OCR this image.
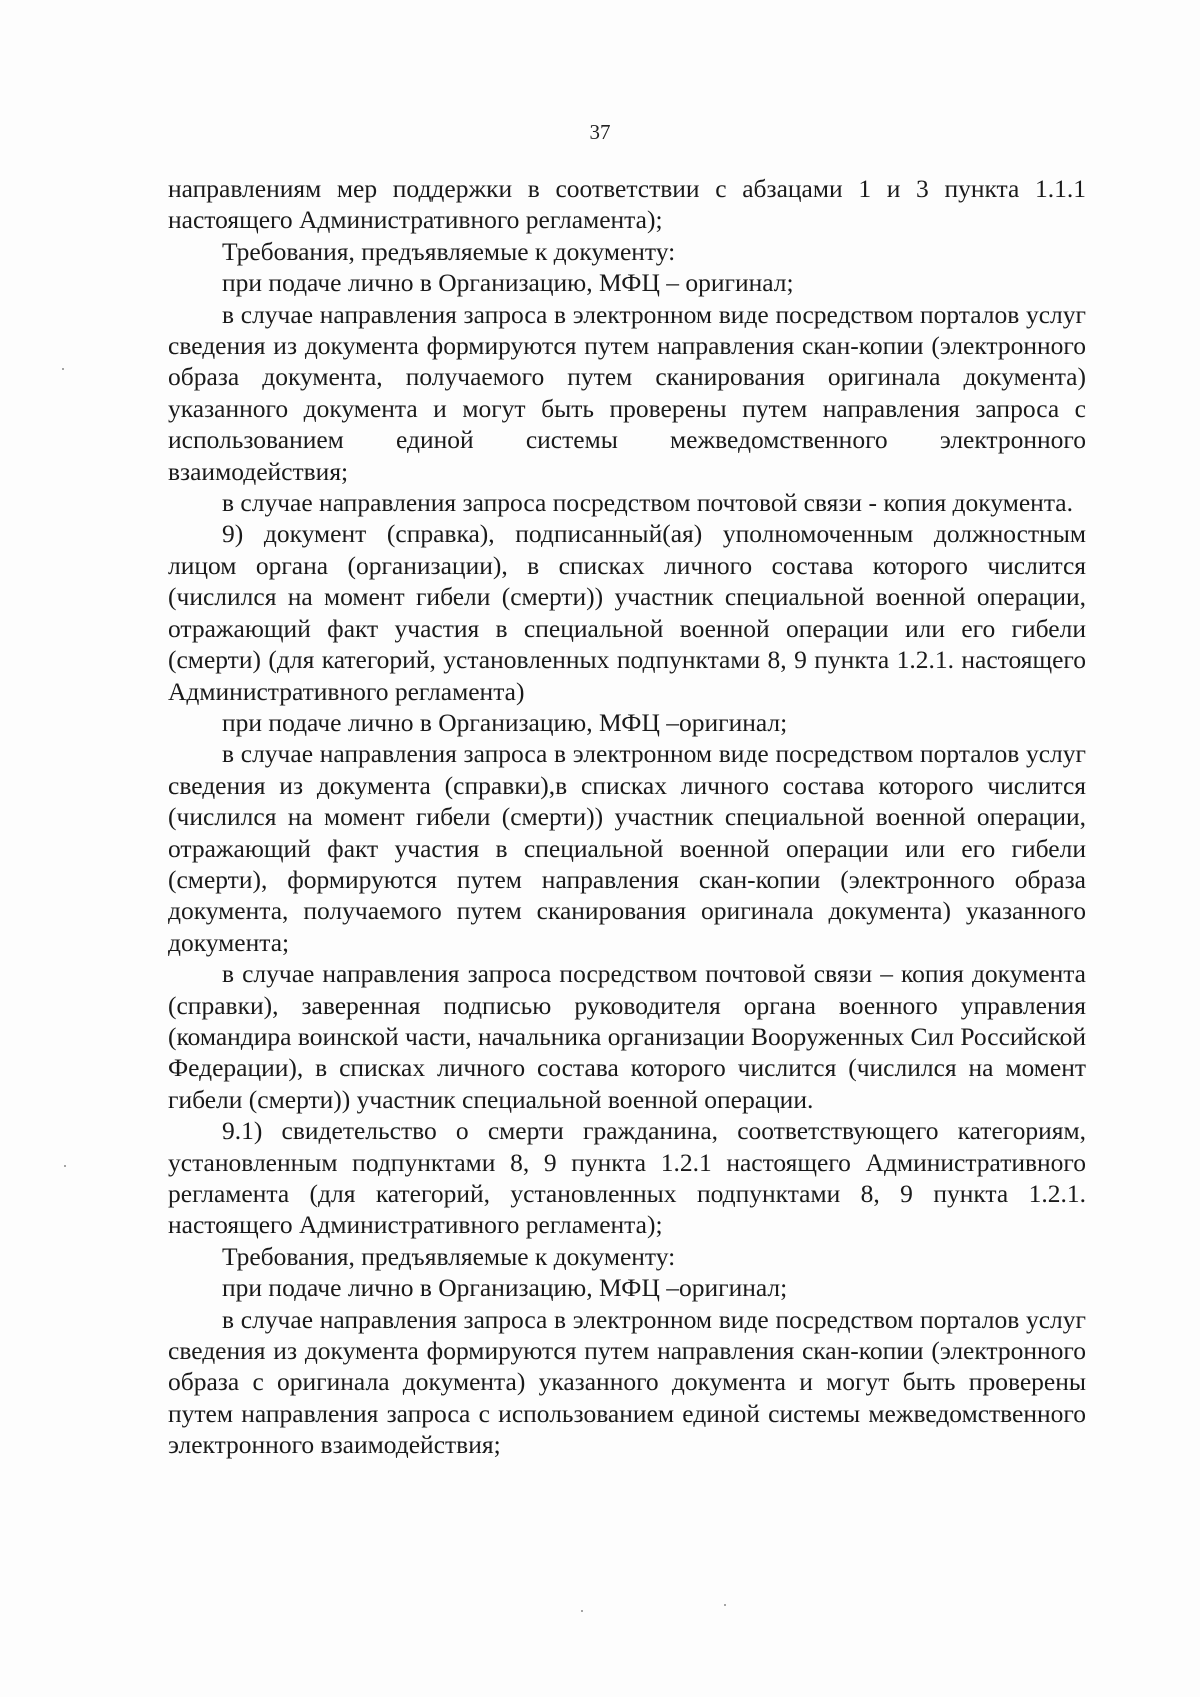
37

направлениям мер поддержки в соответствии с абзацами 1 и 3 пункта 1.1.1 настоящего Административного регламента);

Требования, предъявляемые к документу:

при подаче лично в Организацию, МФЦ – оригинал;

в случае направления запроса в электронном виде посредством порталов услуг сведения из документа формируются путем направления скан-копии (электронного образа документа, получаемого путем сканирования оригинала документа) указанного документа и могут быть проверены путем направления запроса с использованием единой системы межведомственного электронного взаимодействия;

в случае направления запроса посредством почтовой связи - копия документа.

9) документ (справка), подписанный(ая) уполномоченным должностным лицом органа (организации), в списках личного состава которого числится (числился на момент гибели (смерти)) участник специальной военной операции, отражающий факт участия в специальной военной операции или его гибели (смерти) (для категорий, установленных подпунктами 8, 9 пункта 1.2.1. настоящего Административного регламента)

при подаче лично в Организацию, МФЦ –оригинал;

в случае направления запроса в электронном виде посредством порталов услуг сведения из документа (справки),в списках личного состава которого числится (числился на момент гибели (смерти)) участник специальной военной операции, отражающий факт участия в специальной военной операции или его гибели (смерти), формируются путем направления скан-копии (электронного образа документа, получаемого путем сканирования оригинала документа) указанного документа;

в случае направления запроса посредством почтовой связи – копия документа (справки), заверенная подписью руководителя органа военного управления (командира воинской части, начальника организации Вооруженных Сил Российской Федерации), в списках личного состава которого числится (числился на момент гибели (смерти)) участник специальной военной операции.

9.1) свидетельство о смерти гражданина, соответствующего категориям, установленным подпунктами 8, 9 пункта 1.2.1 настоящего Административного регламента (для категорий, установленных подпунктами 8, 9 пункта 1.2.1. настоящего Административного регламента);

Требования, предъявляемые к документу:

при подаче лично в Организацию, МФЦ –оригинал;

в случае направления запроса в электронном виде посредством порталов услуг сведения из документа формируются путем направления скан-копии (электронного образа с оригинала документа) указанного документа и могут быть проверены путем направления запроса с использованием единой системы межведомственного электронного взаимодействия;
